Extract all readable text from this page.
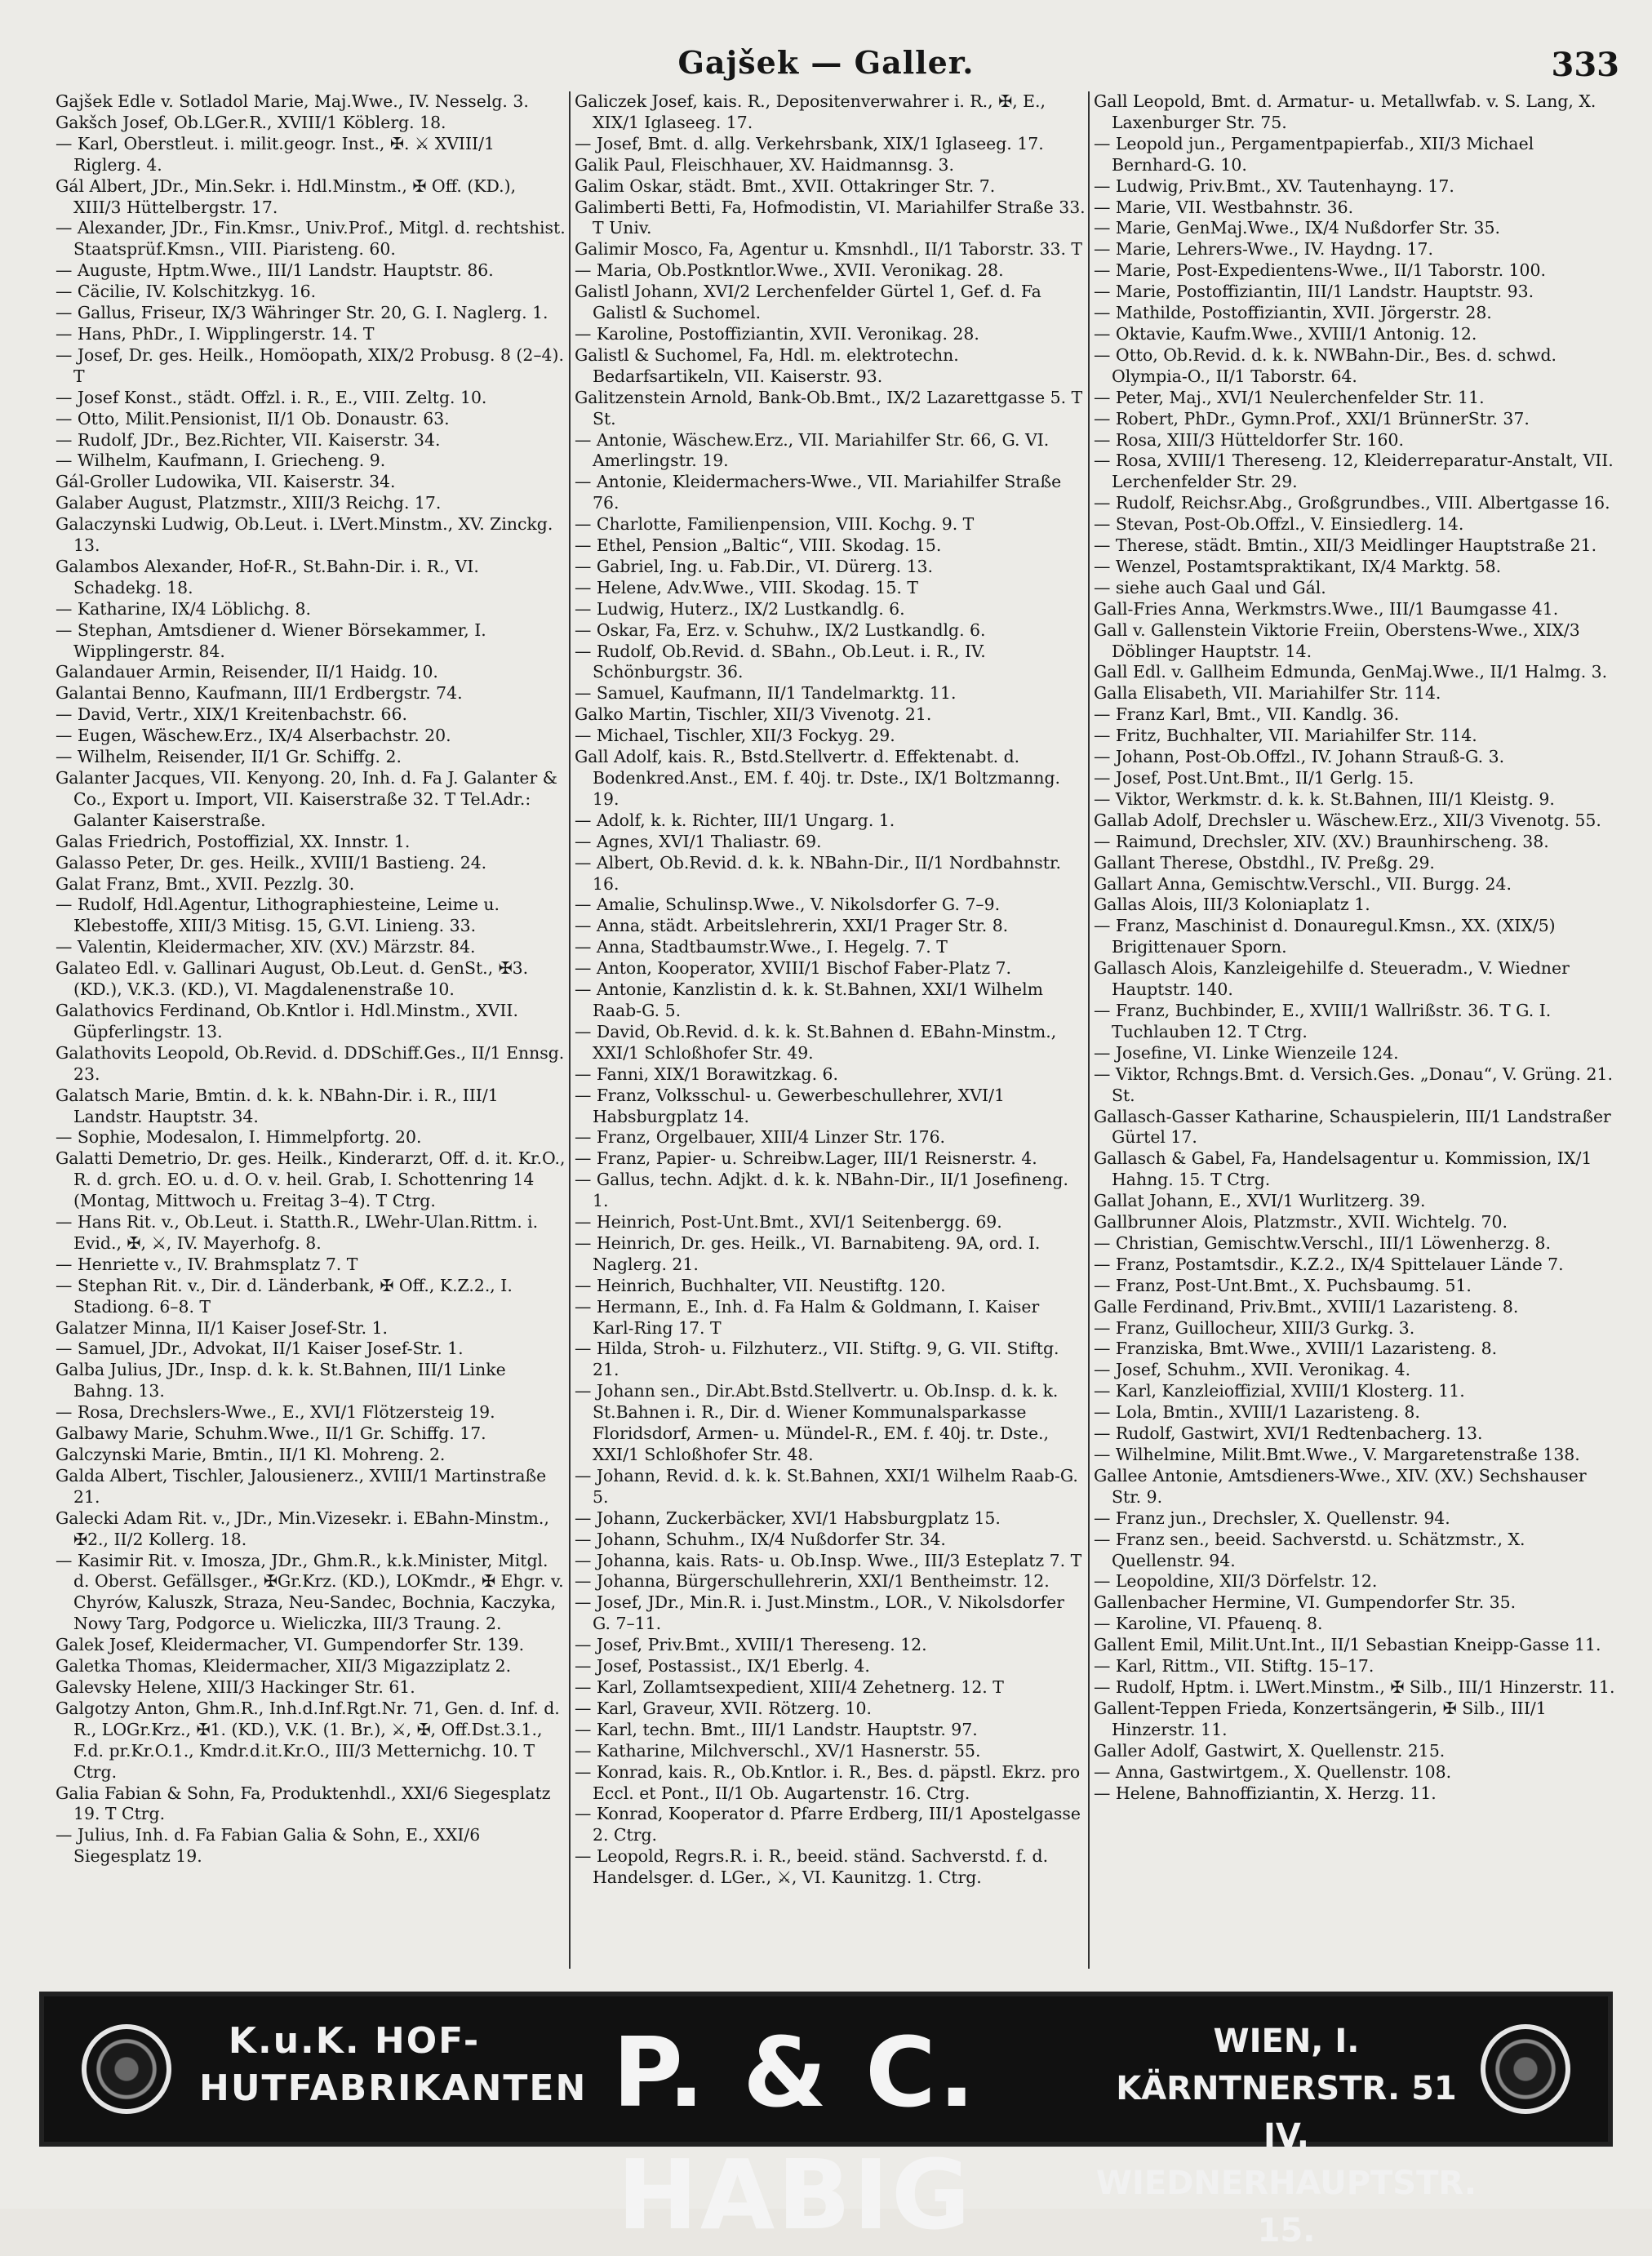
Gajšek — Galler.	333

Gajšek Edle v. Sotladol Marie, Maj.Wwe., IV. Nesselg. 3.

Gakšch Josef, Ob.LGer.R., XVIII/1 Köblerg. 18.

— Karl, Oberstleut. i. milit.geogr. Inst., ✠. ⚔ XVIII/1 Riglerg. 4.

Gál Albert, JDr., Min.Sekr. i. Hdl.Minstm., ✠ Off. (KD.), XIII/3 Hüttelbergstr. 17.

— Alexander, JDr., Fin.Kmsr., Univ.Prof., Mitgl. d. rechtshist. Staatsprüf.Kmsn., VIII. Piaristeng. 60.

— Auguste, Hptm.Wwe., III/1 Landstr. Hauptstr. 86.

— Cäcilie, IV. Kolschitzkyg. 16.

— Gallus, Friseur, IX/3 Währinger Str. 20, G. I. Naglerg. 1.

— Hans, PhDr., I. Wipplingerstr. 14. T

— Josef, Dr. ges. Heilk., Homöopath, XIX/2 Probusg. 8 (2–4). T

— Josef Konst., städt. Offzl. i. R., E., VIII. Zeltg. 10.

— Otto, Milit.Pensionist, II/1 Ob. Donaustr. 63.

— Rudolf, JDr., Bez.Richter, VII. Kaiserstr. 34.

— Wilhelm, Kaufmann, I. Griecheng. 9.

Gál-Groller Ludowika, VII. Kaiserstr. 34.

Galaber August, Platzmstr., XIII/3 Reichg. 17.

Galaczynski Ludwig, Ob.Leut. i. LVert.Minstm., XV. Zinckg. 13.

Galambos Alexander, Hof-R., St.Bahn-Dir. i. R., VI. Schadekg. 18.

— Katharine, IX/4 Löblichg. 8.

— Stephan, Amtsdiener d. Wiener Börsekammer, I. Wipplingerstr. 84.

Galandauer Armin, Reisender, II/1 Haidg. 10.

Galantai Benno, Kaufmann, III/1 Erdbergstr. 74.

— David, Vertr., XIX/1 Kreitenbachstr. 66.

— Eugen, Wäschew.Erz., IX/4 Alserbachstr. 20.

— Wilhelm, Reisender, II/1 Gr. Schiffg. 2.

Galanter Jacques, VII. Kenyong. 20, Inh. d. Fa J. Galanter & Co., Export u. Import, VII. Kaiserstraße 32. T Tel.Adr.: Galanter Kaiserstraße.

Galas Friedrich, Postoffizial, XX. Innstr. 1.

Galasso Peter, Dr. ges. Heilk., XVIII/1 Bastieng. 24.

Galat Franz, Bmt., XVII. Pezzlg. 30.

— Rudolf, Hdl.Agentur, Lithographiesteine, Leime u. Klebestoffe, XIII/3 Mitisg. 15, G.VI. Linieng. 33.

— Valentin, Kleidermacher, XIV. (XV.) Märzstr. 84.

Galateo Edl. v. Gallinari August, Ob.Leut. d. GenSt., ✠3. (KD.), V.K.3. (KD.), VI. Magdalenenstraße 10.

Galathovics Ferdinand, Ob.Kntlor i. Hdl.Minstm., XVII. Güpferlingstr. 13.

Galathovits Leopold, Ob.Revid. d. DDSchiff.Ges., II/1 Ennsg. 23.

Galatsch Marie, Bmtin. d. k. k. NBahn-Dir. i. R., III/1 Landstr. Hauptstr. 34.

— Sophie, Modesalon, I. Himmelpfortg. 20.

Galatti Demetrio, Dr. ges. Heilk., Kinderarzt, Off. d. it. Kr.O., R. d. grch. EO. u. d. O. v. heil. Grab, I. Schottenring 14 (Montag, Mittwoch u. Freitag 3–4). T Ctrg.

— Hans Rit. v., Ob.Leut. i. Statth.R., LWehr-Ulan.Rittm. i. Evid., ✠, ⚔, IV. Mayerhofg. 8.

— Henriette v., IV. Brahmsplatz 7. T

— Stephan Rit. v., Dir. d. Länderbank, ✠ Off., K.Z.2., I. Stadiong. 6–8. T

Galatzer Minna, II/1 Kaiser Josef-Str. 1.

— Samuel, JDr., Advokat, II/1 Kaiser Josef-Str. 1.

Galba Julius, JDr., Insp. d. k. k. St.Bahnen, III/1 Linke Bahng. 13.

— Rosa, Drechslers-Wwe., E., XVI/1 Flötzersteig 19.

Galbawy Marie, Schuhm.Wwe., II/1 Gr. Schiffg. 17.

Galczynski Marie, Bmtin., II/1 Kl. Mohreng. 2.

Galda Albert, Tischler, Jalousienerz., XVIII/1 Martinstraße 21.

Galecki Adam Rit. v., JDr., Min.Vizesekr. i. EBahn-Minstm., ✠2., II/2 Kollerg. 18.

— Kasimir Rit. v. Imosza, JDr., Ghm.R., k.k.Minister, Mitgl. d. Oberst. Gefällsger., ✠Gr.Krz. (KD.), LOKmdr., ✠ Ehgr. v. Chyrów, Kaluszk, Straza, Neu-Sandec, Bochnia, Kaczyka, Nowy Targ, Podgorce u. Wieliczka, III/3 Traung. 2.

Galek Josef, Kleidermacher, VI. Gumpendorfer Str. 139.

Galetka Thomas, Kleidermacher, XII/3 Migazziplatz 2.

Galevsky Helene, XIII/3 Hackinger Str. 61.

Galgotzy Anton, Ghm.R., Inh.d.Inf.Rgt.Nr. 71, Gen. d. Inf. d. R., LOGr.Krz., ✠1. (KD.), V.K. (1. Br.), ⚔, ✠, Off.Dst.3.1., F.d. pr.Kr.O.1., Kmdr.d.it.Kr.O., III/3 Metternichg. 10. T Ctrg.

Galia Fabian & Sohn, Fa, Produktenhdl., XXI/6 Siegesplatz 19. T Ctrg.

— Julius, Inh. d. Fa Fabian Galia & Sohn, E., XXI/6 Siegesplatz 19.

Galiczek Josef, kais. R., Depositenverwahrer i. R., ✠, E., XIX/1 Iglaseeg. 17.

— Josef, Bmt. d. allg. Verkehrsbank, XIX/1 Iglaseeg. 17.

Galik Paul, Fleischhauer, XV. Haidmannsg. 3.

Galim Oskar, städt. Bmt., XVII. Ottakringer Str. 7.

Galimberti Betti, Fa, Hofmodistin, VI. Mariahilfer Straße 33. T Univ.

Galimir Mosco, Fa, Agentur u. Kmsnhdl., II/1 Taborstr. 33. T

— Maria, Ob.Postkntlor.Wwe., XVII. Veronikag. 28.

Galistl Johann, XVI/2 Lerchenfelder Gürtel 1, Gef. d. Fa Galistl & Suchomel.

— Karoline, Postoffiziantin, XVII. Veronikag. 28.

Galistl & Suchomel, Fa, Hdl. m. elektrotechn. Bedarfsartikeln, VII. Kaiserstr. 93.

Galitzenstein Arnold, Bank-Ob.Bmt., IX/2 Lazarettgasse 5. T St.

— Antonie, Wäschew.Erz., VII. Mariahilfer Str. 66, G. VI. Amerlingstr. 19.

— Antonie, Kleidermachers-Wwe., VII. Mariahilfer Straße 76.

— Charlotte, Familienpension, VIII. Kochg. 9. T

— Ethel, Pension „Baltic“, VIII. Skodag. 15.

— Gabriel, Ing. u. Fab.Dir., VI. Dürerg. 13.

— Helene, Adv.Wwe., VIII. Skodag. 15. T

— Ludwig, Huterz., IX/2 Lustkandlg. 6.

— Oskar, Fa, Erz. v. Schuhw., IX/2 Lustkandlg. 6.

— Rudolf, Ob.Revid. d. SBahn., Ob.Leut. i. R., IV. Schönburgstr. 36.

— Samuel, Kaufmann, II/1 Tandelmarktg. 11.

Galko Martin, Tischler, XII/3 Vivenotg. 21.

— Michael, Tischler, XII/3 Fockyg. 29.

Gall Adolf, kais. R., Bstd.Stellvertr. d. Effektenabt. d. Bodenkred.Anst., EM. f. 40j. tr. Dste., IX/1 Boltzmanng. 19.

— Adolf, k. k. Richter, III/1 Ungarg. 1.

— Agnes, XVI/1 Thaliastr. 69.

— Albert, Ob.Revid. d. k. k. NBahn-Dir., II/1 Nordbahnstr. 16.

— Amalie, Schulinsp.Wwe., V. Nikolsdorfer G. 7–9.

— Anna, städt. Arbeitslehrerin, XXI/1 Prager Str. 8.

— Anna, Stadtbaumstr.Wwe., I. Hegelg. 7. T

— Anton, Kooperator, XVIII/1 Bischof Faber-Platz 7.

— Antonie, Kanzlistin d. k. k. St.Bahnen, XXI/1 Wilhelm Raab-G. 5.

— David, Ob.Revid. d. k. k. St.Bahnen d. EBahn-Minstm., XXI/1 Schloßhofer Str. 49.

— Fanni, XIX/1 Borawitzkag. 6.

— Franz, Volksschul- u. Gewerbeschullehrer, XVI/1 Habsburgplatz 14.

— Franz, Orgelbauer, XIII/4 Linzer Str. 176.

— Franz, Papier- u. Schreibw.Lager, III/1 Reisnerstr. 4.

— Gallus, techn. Adjkt. d. k. k. NBahn-Dir., II/1 Josefineng. 1.

— Heinrich, Post-Unt.Bmt., XVI/1 Seitenbergg. 69.

— Heinrich, Dr. ges. Heilk., VI. Barnabiteng. 9A, ord. I. Naglerg. 21.

— Heinrich, Buchhalter, VII. Neustiftg. 120.

— Hermann, E., Inh. d. Fa Halm & Goldmann, I. Kaiser Karl-Ring 17. T

— Hilda, Stroh- u. Filzhuterz., VII. Stiftg. 9, G. VII. Stiftg. 21.

— Johann sen., Dir.Abt.Bstd.Stellvertr. u. Ob.Insp. d. k. k. St.Bahnen i. R., Dir. d. Wiener Kommunalsparkasse Floridsdorf, Armen- u. Mündel-R., EM. f. 40j. tr. Dste., XXI/1 Schloßhofer Str. 48.

— Johann, Revid. d. k. k. St.Bahnen, XXI/1 Wilhelm Raab-G. 5.

— Johann, Zuckerbäcker, XVI/1 Habsburgplatz 15.

— Johann, Schuhm., IX/4 Nußdorfer Str. 34.

— Johanna, kais. Rats- u. Ob.Insp. Wwe., III/3 Esteplatz 7. T

— Johanna, Bürgerschullehrerin, XXI/1 Bentheimstr. 12.

— Josef, JDr., Min.R. i. Just.Minstm., LOR., V. Nikolsdorfer G. 7–11.

— Josef, Priv.Bmt., XVIII/1 Thereseng. 12.

— Josef, Postassist., IX/1 Eberlg. 4.

— Karl, Zollamtsexpedient, XIII/4 Zehetnerg. 12. T

— Karl, Graveur, XVII. Rötzerg. 10.

— Karl, techn. Bmt., III/1 Landstr. Hauptstr. 97.

— Katharine, Milchverschl., XV/1 Hasnerstr. 55.

— Konrad, kais. R., Ob.Kntlor. i. R., Bes. d. päpstl. Ekrz. pro Eccl. et Pont., II/1 Ob. Augartenstr. 16. Ctrg.

— Konrad, Kooperator d. Pfarre Erdberg, III/1 Apostelgasse 2. Ctrg.

— Leopold, Regrs.R. i. R., beeid. ständ. Sachverstd. f. d. Handelsger. d. LGer., ⚔, VI. Kaunitzg. 1. Ctrg.

Gall Leopold, Bmt. d. Armatur- u. Metallwfab. v. S. Lang, X. Laxenburger Str. 75.

— Leopold jun., Pergamentpapierfab., XII/3 Michael Bernhard-G. 10.

— Ludwig, Priv.Bmt., XV. Tautenhayng. 17.

— Marie, VII. Westbahnstr. 36.

— Marie, GenMaj.Wwe., IX/4 Nußdorfer Str. 35.

— Marie, Lehrers-Wwe., IV. Haydng. 17.

— Marie, Post-Expedientens-Wwe., II/1 Taborstr. 100.

— Marie, Postoffiziantin, III/1 Landstr. Hauptstr. 93.

— Mathilde, Postoffiziantin, XVII. Jörgerstr. 28.

— Oktavie, Kaufm.Wwe., XVIII/1 Antonig. 12.

— Otto, Ob.Revid. d. k. k. NWBahn-Dir., Bes. d. schwd. Olympia-O., II/1 Taborstr. 64.

— Peter, Maj., XVI/1 Neulerchenfelder Str. 11.

— Robert, PhDr., Gymn.Prof., XXI/1 BrünnerStr. 37.

— Rosa, XIII/3 Hütteldorfer Str. 160.

— Rosa, XVIII/1 Thereseng. 12, Kleiderreparatur-Anstalt, VII. Lerchenfelder Str. 29.

— Rudolf, Reichsr.Abg., Großgrundbes., VIII. Albertgasse 16.

— Stevan, Post-Ob.Offzl., V. Einsiedlerg. 14.

— Therese, städt. Bmtin., XII/3 Meidlinger Hauptstraße 21.

— Wenzel, Postamtspraktikant, IX/4 Marktg. 58.

— siehe auch Gaal und Gál.

Gall-Fries Anna, Werkmstrs.Wwe., III/1 Baumgasse 41.

Gall v. Gallenstein Viktorie Freiin, Oberstens-Wwe., XIX/3 Döblinger Hauptstr. 14.

Gall Edl. v. Gallheim Edmunda, GenMaj.Wwe., II/1 Halmg. 3.

Galla Elisabeth, VII. Mariahilfer Str. 114.

— Franz Karl, Bmt., VII. Kandlg. 36.

— Fritz, Buchhalter, VII. Mariahilfer Str. 114.

— Johann, Post-Ob.Offzl., IV. Johann Strauß-G. 3.

— Josef, Post.Unt.Bmt., II/1 Gerlg. 15.

— Viktor, Werkmstr. d. k. k. St.Bahnen, III/1 Kleistg. 9.

Gallab Adolf, Drechsler u. Wäschew.Erz., XII/3 Vivenotg. 55.

— Raimund, Drechsler, XIV. (XV.) Braunhirscheng. 38.

Gallant Therese, Obstdhl., IV. Preßg. 29.

Gallart Anna, Gemischtw.Verschl., VII. Burgg. 24.

Gallas Alois, III/3 Koloniaplatz 1.

— Franz, Maschinist d. Donauregul.Kmsn., XX. (XIX/5) Brigittenauer Sporn.

Gallasch Alois, Kanzleigehilfe d. Steueradm., V. Wiedner Hauptstr. 140.

— Franz, Buchbinder, E., XVIII/1 Wallrißstr. 36. T G. I. Tuchlauben 12. T Ctrg.

— Josefine, VI. Linke Wienzeile 124.

— Viktor, Rchngs.Bmt. d. Versich.Ges. „Donau“, V. Grüng. 21. St.

Gallasch-Gasser Katharine, Schauspielerin, III/1 Landstraßer Gürtel 17.

Gallasch & Gabel, Fa, Handelsagentur u. Kommission, IX/1 Hahng. 15. T Ctrg.

Gallat Johann, E., XVI/1 Wurlitzerg. 39.

Gallbrunner Alois, Platzmstr., XVII. Wichtelg. 70.

— Christian, Gemischtw.Verschl., III/1 Löwenherzg. 8.

— Franz, Postamtsdir., K.Z.2., IX/4 Spittelauer Lände 7.

— Franz, Post-Unt.Bmt., X. Puchsbaumg. 51.

Galle Ferdinand, Priv.Bmt., XVIII/1 Lazaristeng. 8.

— Franz, Guillocheur, XIII/3 Gurkg. 3.

— Franziska, Bmt.Wwe., XVIII/1 Lazaristeng. 8.

— Josef, Schuhm., XVII. Veronikag. 4.

— Karl, Kanzleioffizial, XVIII/1 Klosterg. 11.

— Lola, Bmtin., XVIII/1 Lazaristeng. 8.

— Rudolf, Gastwirt, XVI/1 Redtenbacherg. 13.

— Wilhelmine, Milit.Bmt.Wwe., V. Margaretenstraße 138.

Gallee Antonie, Amtsdieners-Wwe., XIV. (XV.) Sechshauser Str. 9.

— Franz jun., Drechsler, X. Quellenstr. 94.

— Franz sen., beeid. Sachverstd. u. Schätzmstr., X. Quellenstr. 94.

— Leopoldine, XII/3 Dörfelstr. 12.

Gallenbacher Hermine, VI. Gumpendorfer Str. 35.

— Karoline, VI. Pfauenq. 8.

Gallent Emil, Milit.Unt.Int., II/1 Sebastian Kneipp-Gasse 11.

— Karl, Rittm., VII. Stiftg. 15–17.

— Rudolf, Hptm. i. LWert.Minstm., ✠ Silb., III/1 Hinzerstr. 11.

Gallent-Teppen Frieda, Konzertsängerin, ✠ Silb., III/1 Hinzerstr. 11.

Galler Adolf, Gastwirt, X. Quellenstr. 215.

— Anna, Gastwirtgem., X. Quellenstr. 108.

— Helene, Bahnoffiziantin, X. Herzg. 11.

K.u.K. HOF-
HUTFABRIKANTEN P. & C. HABIG
WIEN, I. KÄRNTNERSTR. 51
IV. WIEDNERHAUPTSTR. 15.
